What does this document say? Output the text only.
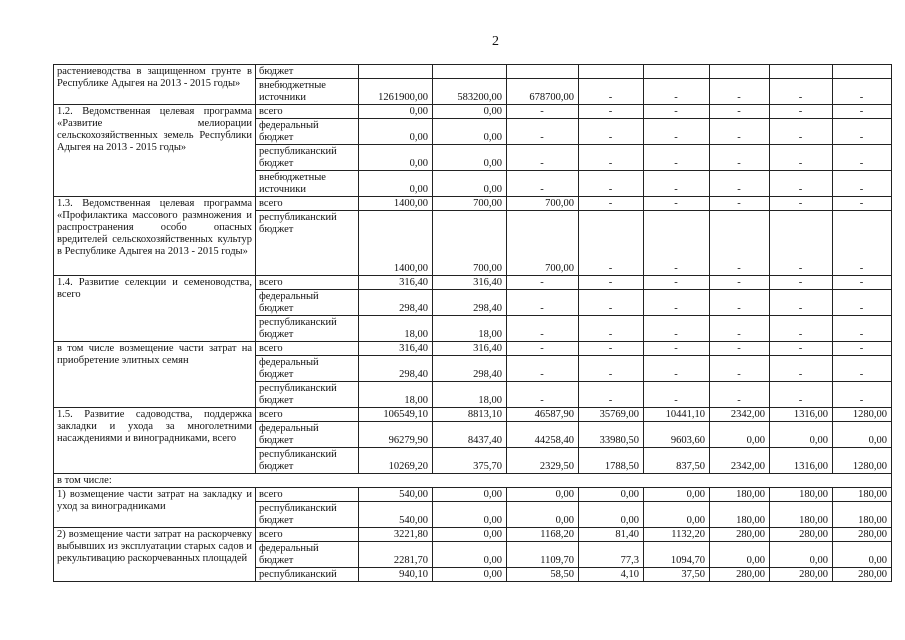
2
растениеводства в защищенном грунте в Республике Адыгея на 2013 - 2015 годы»	бюджет								
	внебюджетные источники	1261900,00	583200,00	678700,00	-	-	-	-	-
1.2. Ведомственная целевая программа «Развитие мелиорации сельскохозяйственных земель Республики Адыгея на 2013 - 2015 годы»	всего	0,00	0,00	-	-	-	-	-	-
	федеральный бюджет	0,00	0,00	-	-	-	-	-	-
	республиканский бюджет	0,00	0,00	-	-	-	-	-	-
	внебюджетные источники	0,00	0,00	-	-	-	-	-	-
1.3. Ведомственная целевая программа «Профилактика массового размножения и распространения особо опасных вредителей сельскохозяйственных культур в Республике Адыгея на 2013 - 2015 годы»	всего	1400,00	700,00	700,00	-	-	-	-	-
	республиканский бюджет	1400,00	700,00	700,00	-	-	-	-	-
1.4. Развитие селекции и семеноводства, всего	всего	316,40	316,40	-	-	-	-	-	-
	федеральный бюджет	298,40	298,40	-	-	-	-	-	-
	республиканский бюджет	18,00	18,00	-	-	-	-	-	-
в том числе возмещение части затрат на приобретение элитных семян	всего	316,40	316,40	-	-	-	-	-	-
	федеральный бюджет	298,40	298,40	-	-	-	-	-	-
	республиканский бюджет	18,00	18,00	-	-	-	-	-	-
1.5. Развитие садоводства, поддержка закладки и ухода за многолетними насаждениями и виноградниками, всего	всего	106549,10	8813,10	46587,90	35769,00	10441,10	2342,00	1316,00	1280,00
	федеральный бюджет	96279,90	8437,40	44258,40	33980,50	9603,60	0,00	0,00	0,00
	республиканский бюджет	10269,20	375,70	2329,50	1788,50	837,50	2342,00	1316,00	1280,00
в том числе:									
1) возмещение части затрат на закладку и уход за виноградниками	всего	540,00	0,00	0,00	0,00	0,00	180,00	180,00	180,00
	республиканский бюджет	540,00	0,00	0,00	0,00	0,00	180,00	180,00	180,00
2) возмещение части затрат на раскорчевку выбывших из эксплуатации старых садов и рекультивацию раскорчеванных площадей	всего	3221,80	0,00	1168,20	81,40	1132,20	280,00	280,00	280,00
	федеральный бюджет	2281,70	0,00	1109,70	77,3	1094,70	0,00	0,00	0,00
	республиканский	940,10	0,00	58,50	4,10	37,50	280,00	280,00	280,00
